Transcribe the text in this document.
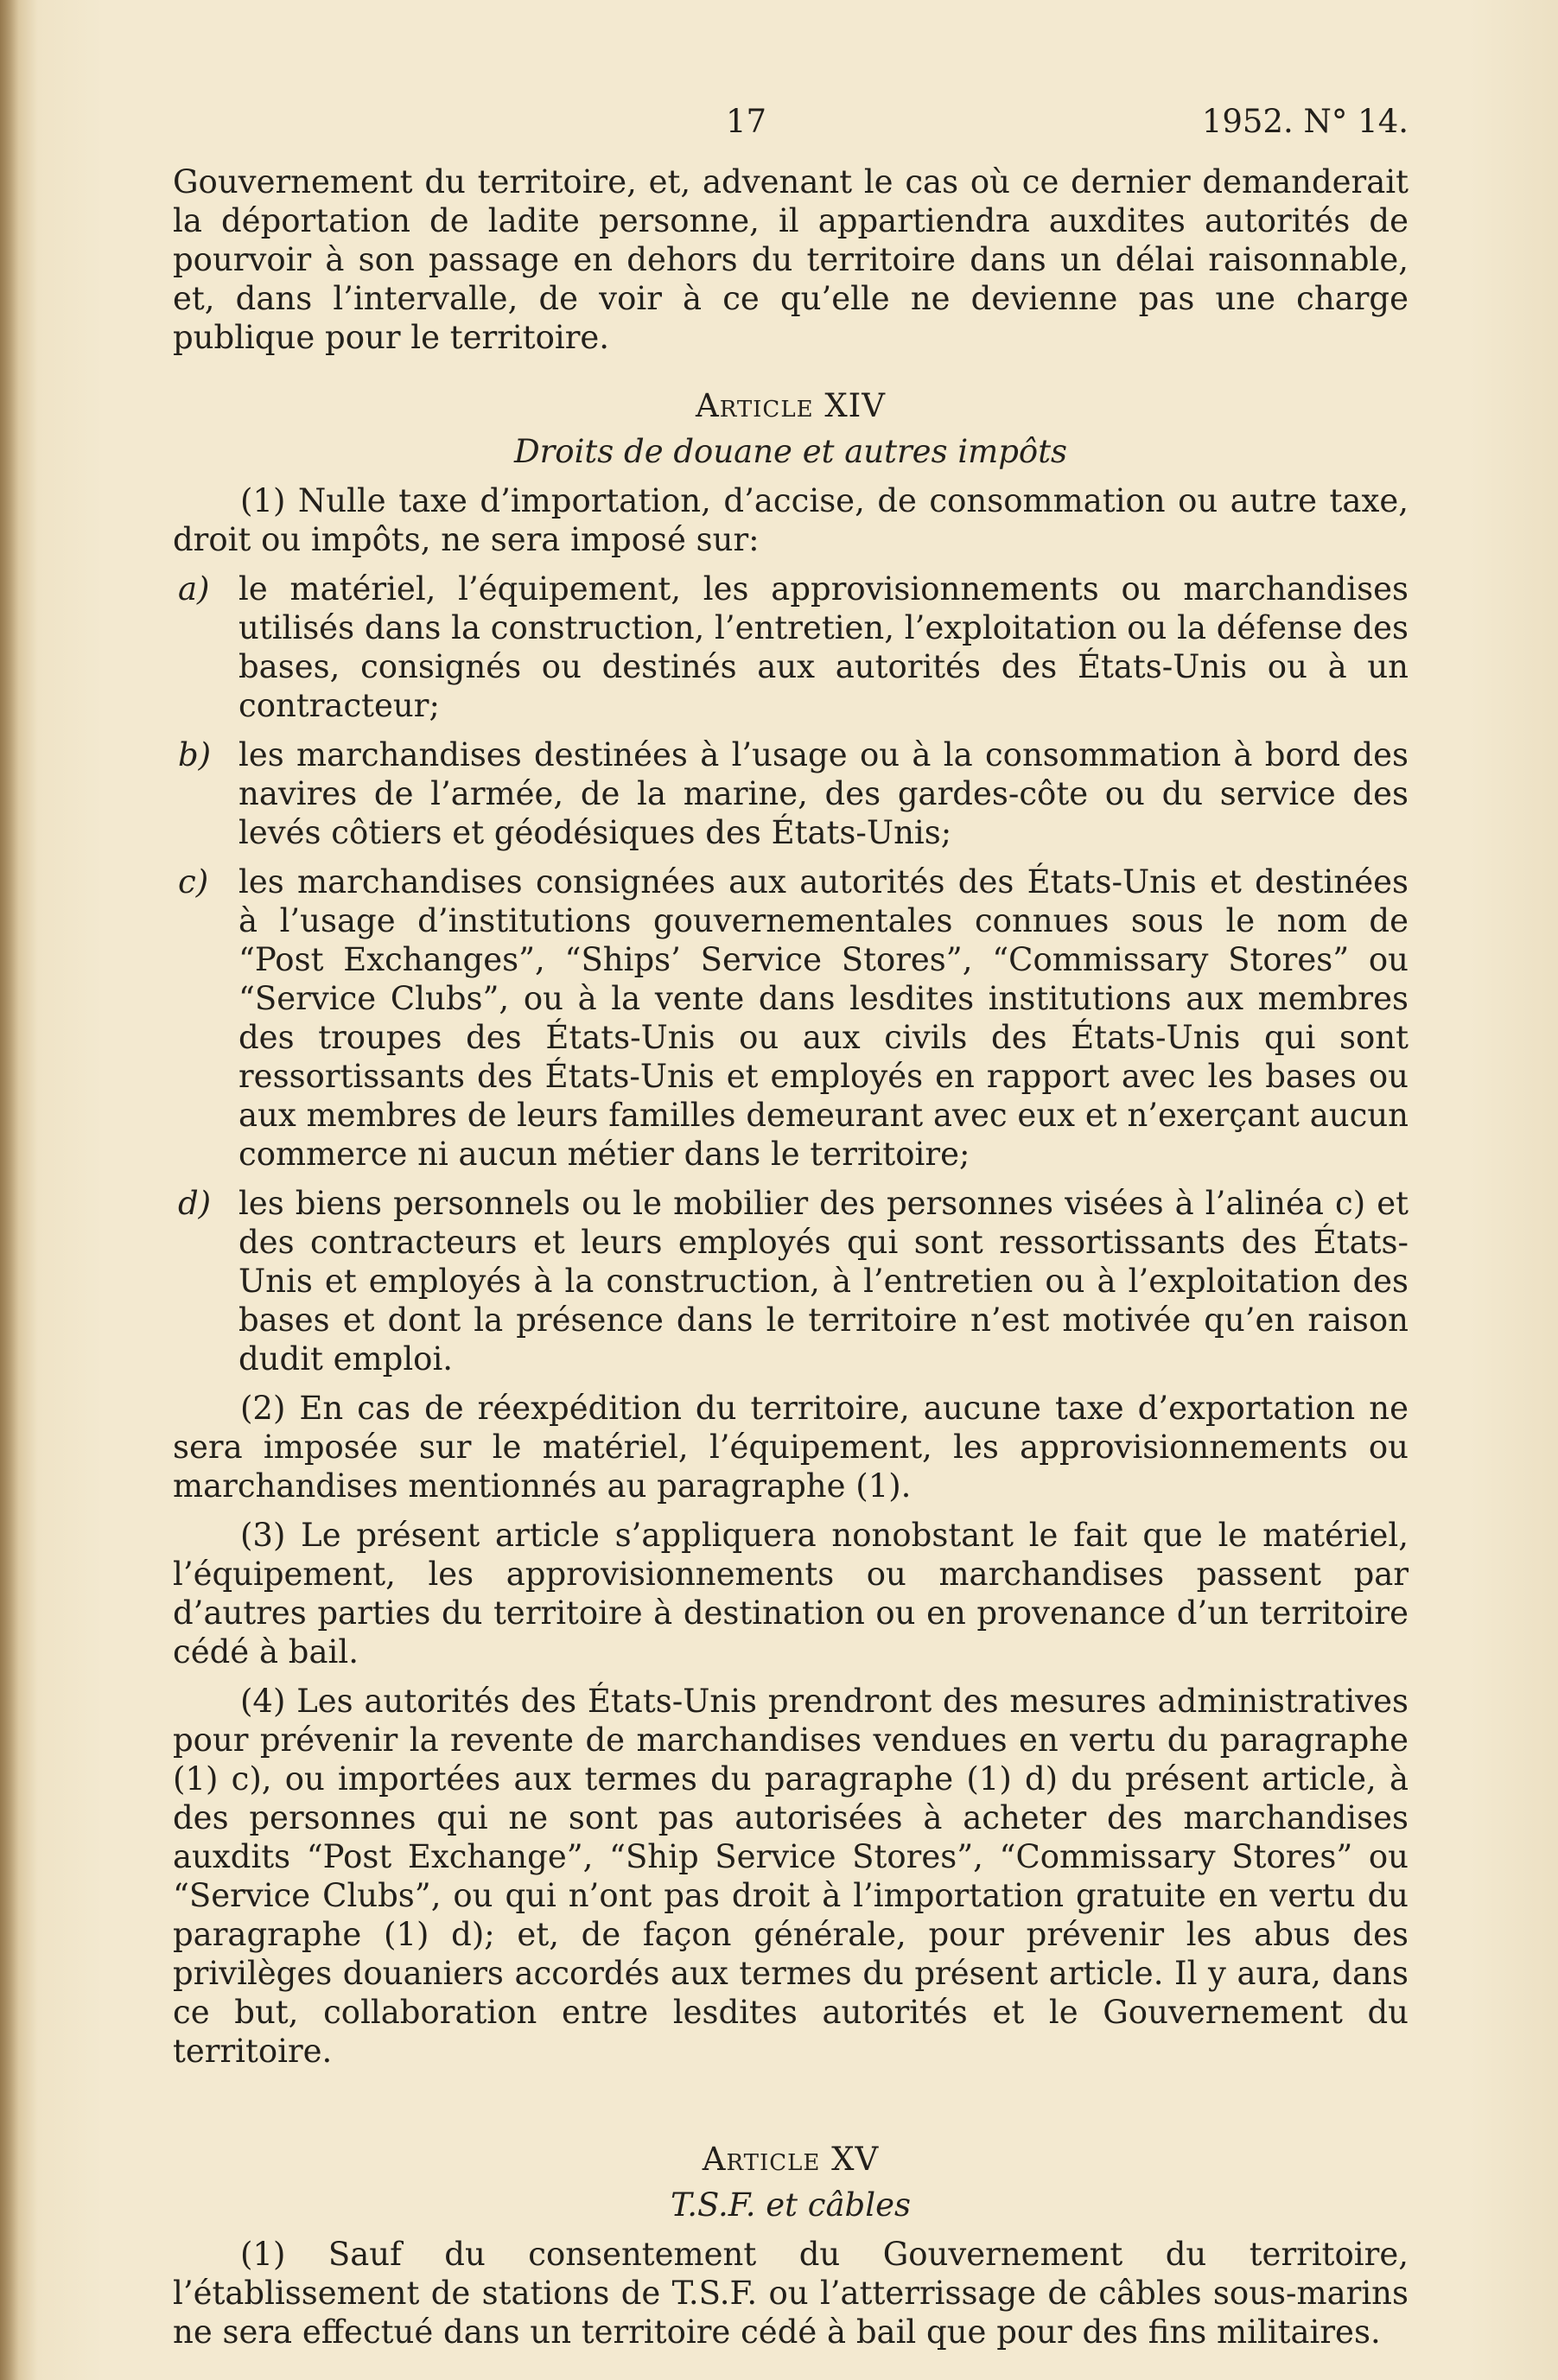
17	1952. N° 14.

Gouvernement du territoire, et, advenant le cas où ce dernier demanderait la déportation de ladite personne, il appartiendra auxdites autorités de pourvoir à son passage en dehors du territoire dans un délai raisonnable, et, dans l’intervalle, de voir à ce qu’elle ne devienne pas une charge publique pour le territoire.

Article XIV
Droits de douane et autres impôts

(1) Nulle taxe d’importation, d’accise, de consommation ou autre taxe, droit ou impôts, ne sera imposé sur:

a) le matériel, l’équipement, les approvisionnements ou marchandises utilisés dans la construction, l’entretien, l’exploitation ou la défense des bases, consignés ou destinés aux autorités des États-Unis ou à un contracteur;
b) les marchandises destinées à l’usage ou à la consommation à bord des navires de l’armée, de la marine, des gardes-côte ou du service des levés côtiers et géodésiques des États-Unis;
c) les marchandises consignées aux autorités des États-Unis et destinées à l’usage d’institutions gouvernementales connues sous le nom de “Post Exchanges”, “Ships’ Service Stores”, “Commissary Stores” ou “Service Clubs”, ou à la vente dans lesdites institutions aux membres des troupes des États-Unis ou aux civils des États-Unis qui sont ressortissants des États-Unis et employés en rapport avec les bases ou aux membres de leurs familles demeurant avec eux et n’exerçant aucun commerce ni aucun métier dans le territoire;
d) les biens personnels ou le mobilier des personnes visées à l’alinéa c) et des contracteurs et leurs employés qui sont ressortissants des États-Unis et employés à la construction, à l’entretien ou à l’exploitation des bases et dont la présence dans le territoire n’est motivée qu’en raison dudit emploi.

(2) En cas de réexpédition du territoire, aucune taxe d’exportation ne sera imposée sur le matériel, l’équipement, les approvisionnements ou marchandises mentionnés au paragraphe (1).

(3) Le présent article s’appliquera nonobstant le fait que le matériel, l’équipement, les approvisionnements ou marchandises passent par d’autres parties du territoire à destination ou en provenance d’un territoire cédé à bail.

(4) Les autorités des États-Unis prendront des mesures administratives pour prévenir la revente de marchandises vendues en vertu du paragraphe (1) c), ou importées aux termes du paragraphe (1) d) du présent article, à des personnes qui ne sont pas autorisées à acheter des marchandises auxdits “Post Exchange”, “Ship Service Stores”, “Commissary Stores” ou “Service Clubs”, ou qui n’ont pas droit à l’importation gratuite en vertu du paragraphe (1) d); et, de façon générale, pour prévenir les abus des privilèges douaniers accordés aux termes du présent article. Il y aura, dans ce but, collaboration entre lesdites autorités et le Gouvernement du territoire.

Article XV
T.S.F. et câbles

(1) Sauf du consentement du Gouvernement du territoire, l’établissement de stations de T.S.F. ou l’atterrissage de câbles sous-marins ne sera effectué dans un territoire cédé à bail que pour des fins militaires.
